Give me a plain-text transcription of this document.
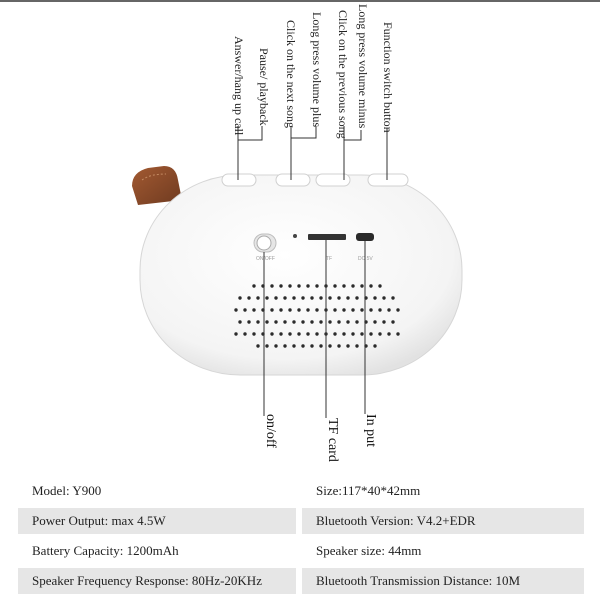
ON/OFF	TF	DC 5V
Answer/hang up call Pause/ playback Click on the next song Long press volume plus Click on the previous song Long press volume minus Function switch button
on/off	TF card In put
Model: Y900	Size:117*40*42mm
Power Output: max 4.5W	Bluetooth Version: V4.2+EDR
Battery Capacity: 1200mAh	Speaker size: 44mm
Speaker Frequency Response: 80Hz-20KHz	Bluetooth Transmission Distance: 10M
